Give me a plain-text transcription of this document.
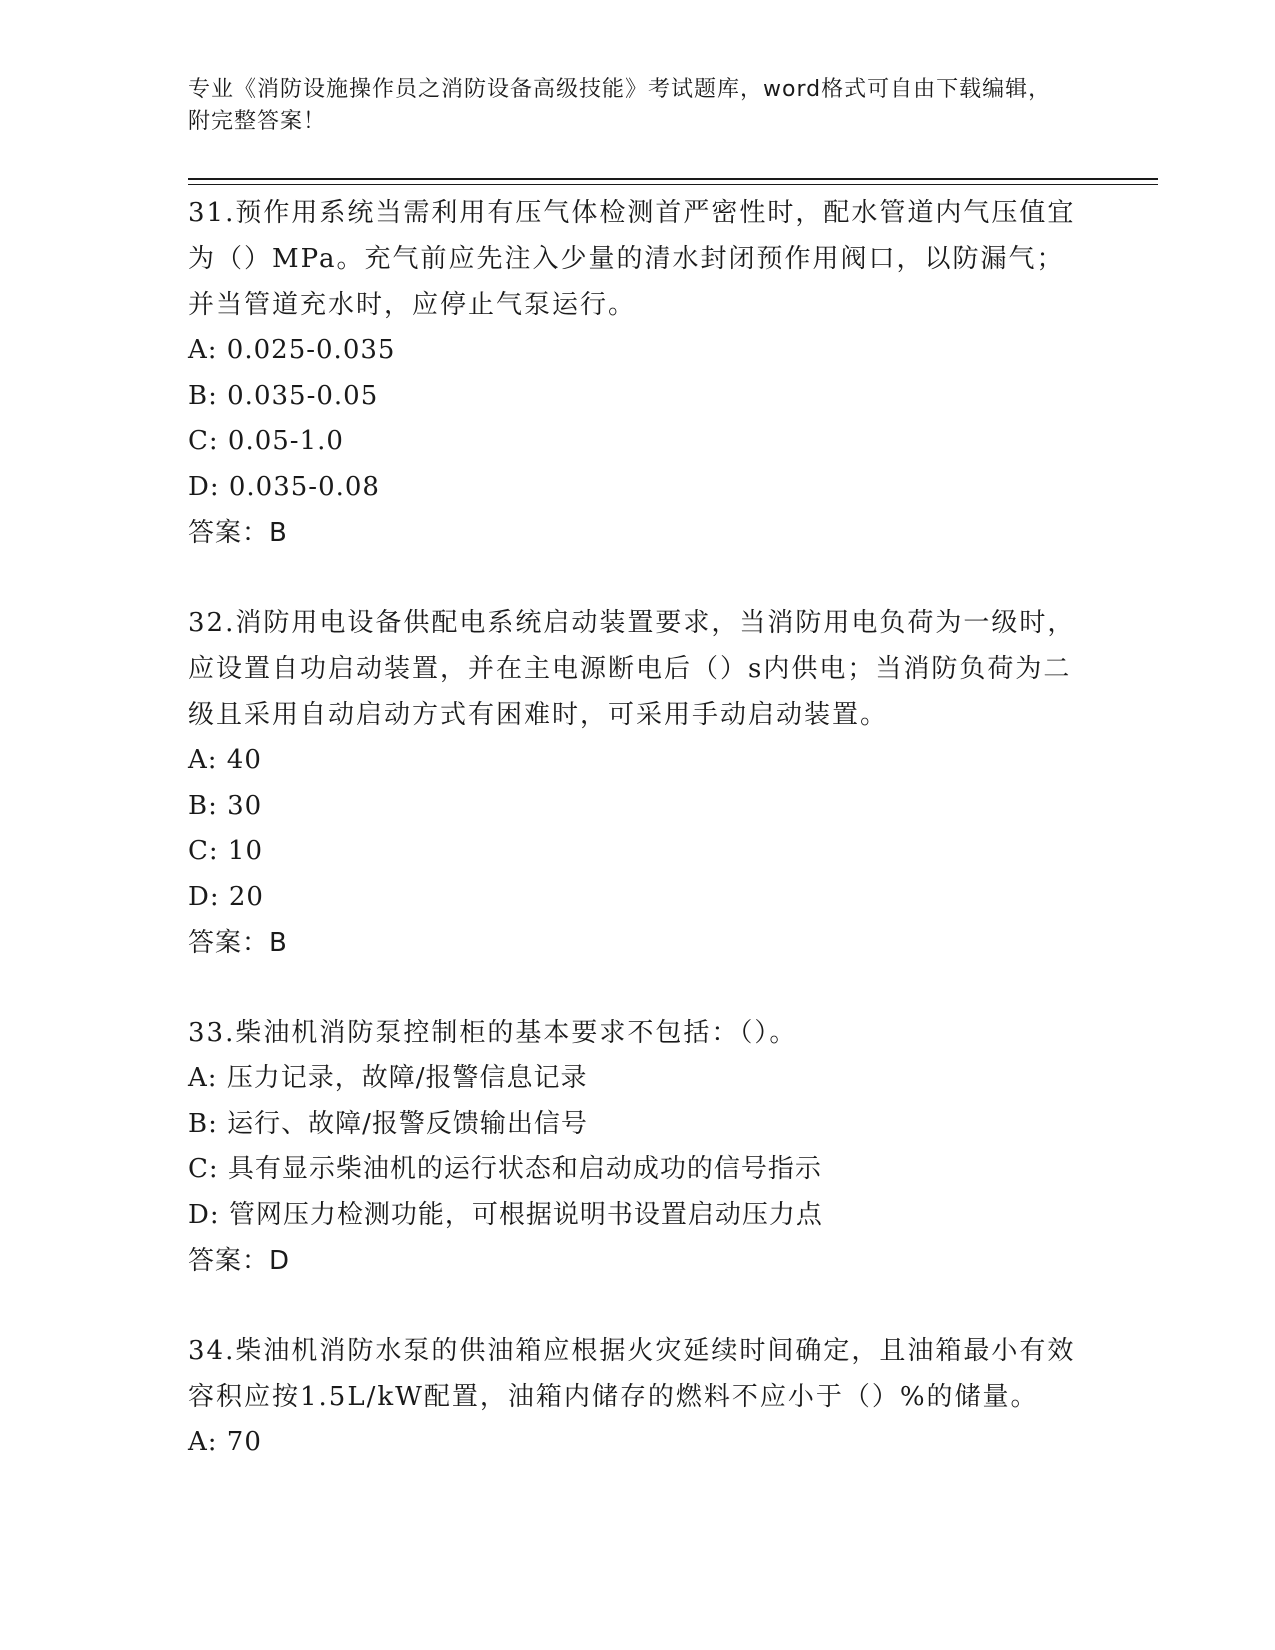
专业《消防设施操作员之消防设备高级技能》考试题库，word格式可自由下载编辑，附完整答案！

31.预作用系统当需利用有压气体检测首严密性时，配水管道内气压值宜为（）MPa。充气前应先注入少量的清水封闭预作用阀口，以防漏气；并当管道充水时，应停止气泵运行。

A: 0.025-0.035

B: 0.035-0.05

C: 0.05-1.0

D: 0.035-0.08

答案：B

32.消防用电设备供配电系统启动装置要求，当消防用电负荷为一级时，应设置自功启动装置，并在主电源断电后（）s内供电；当消防负荷为二级且采用自动启动方式有困难时，可采用手动启动装置。

A: 40

B: 30

C: 10

D: 20

答案：B

33.柴油机消防泵控制柜的基本要求不包括：（）。

A: 压力记录，故障/报警信息记录

B: 运行、故障/报警反馈输出信号

C: 具有显示柴油机的运行状态和启动成功的信号指示

D: 管网压力检测功能，可根据说明书设置启动压力点

答案：D

34.柴油机消防水泵的供油箱应根据火灾延续时间确定，且油箱最小有效容积应按1.5L/kW配置，油箱内储存的燃料不应小于（）%的储量。

A: 70
